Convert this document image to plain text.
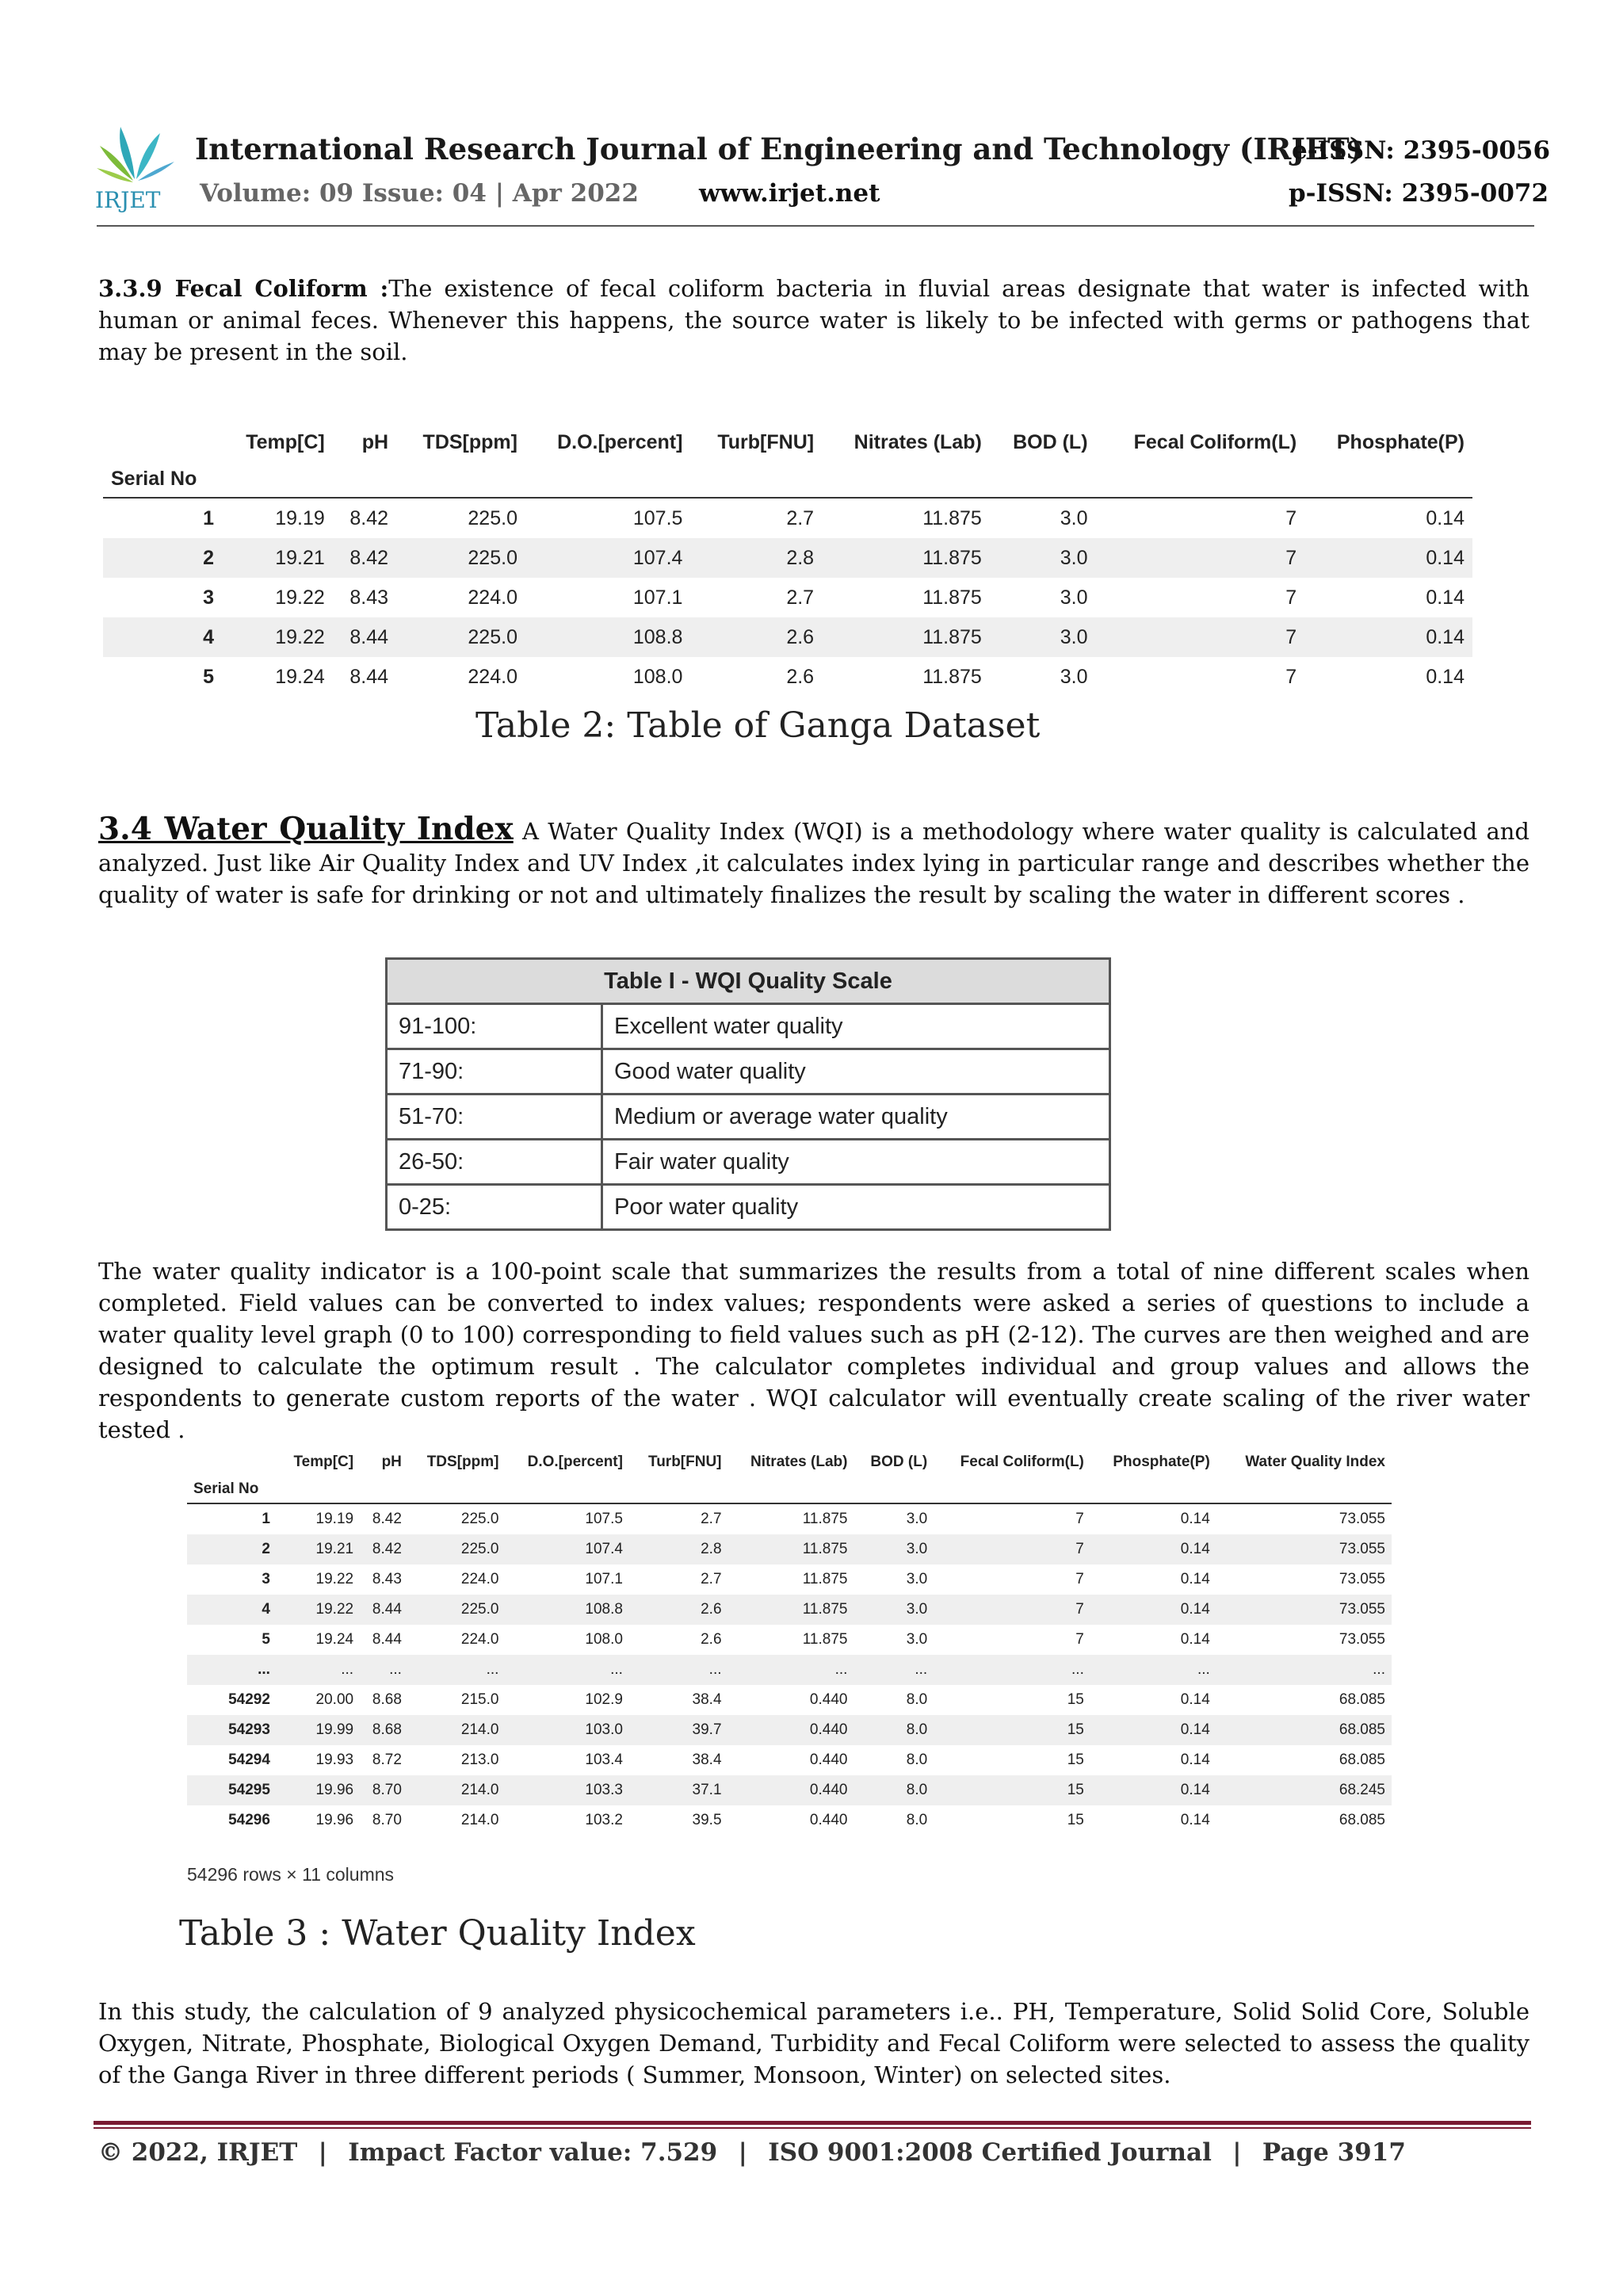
IRJET
International Research Journal of Engineering and Technology (IRJET)
e-ISSN: 2395-0056
Volume: 09 Issue: 04 | Apr 2022 www.irjet.net	p-ISSN: 2395-0072
3.3.9 Fecal Coliform :The existence of fecal coliform bacteria in fluvial areas designate that water is infected with human or animal feces. Whenever this happens, the source water is likely to be infected with germs or pathogens that may be present in the soil.
	Temp[C]	pH	TDS[ppm]	D.O.[percent]	Turb[FNU]	Nitrates (Lab)	BOD (L)	Fecal Coliform(L)	Phosphate(P)
Serial No									
1	19.19	8.42	225.0	107.5	2.7	11.875	3.0	7	0.14
2	19.21	8.42	225.0	107.4	2.8	11.875	3.0	7	0.14
3	19.22	8.43	224.0	107.1	2.7	11.875	3.0	7	0.14
4	19.22	8.44	225.0	108.8	2.6	11.875	3.0	7	0.14
5	19.24	8.44	224.0	108.0	2.6	11.875	3.0	7	0.14
Table 2: Table of Ganga Dataset
3.4 Water Quality Index A Water Quality Index (WQI) is a methodology where water quality is calculated and analyzed. Just like Air Quality Index and UV Index ,it calculates index lying in particular range and describes whether the quality of water is safe for drinking or not and ultimately finalizes the result by scaling the water in different scores .
Table I - WQI Quality Scale	
91-100:	Excellent water quality
71-90:	Good water quality
51-70:	Medium or average water quality
26-50:	Fair water quality
0-25:	Poor water quality
The water quality indicator is a 100-point scale that summarizes the results from a total of nine different scales when completed. Field values can be converted to index values; respondents were asked a series of questions to include a water quality level graph (0 to 100) corresponding to field values such as pH (2-12). The curves are then weighed and are designed to calculate the optimum result . The calculator completes individual and group values and allows the respondents to generate custom reports of the water . WQI calculator will eventually create scaling of the river water tested .
	Temp[C]	pH	TDS[ppm]	D.O.[percent]	Turb[FNU]	Nitrates (Lab)	BOD (L)	Fecal Coliform(L)	Phosphate(P)	Water Quality Index
Serial No										
1	19.19	8.42	225.0	107.5	2.7	11.875	3.0	7	0.14	73.055
2	19.21	8.42	225.0	107.4	2.8	11.875	3.0	7	0.14	73.055
3	19.22	8.43	224.0	107.1	2.7	11.875	3.0	7	0.14	73.055
4	19.22	8.44	225.0	108.8	2.6	11.875	3.0	7	0.14	73.055
5	19.24	8.44	224.0	108.0	2.6	11.875	3.0	7	0.14	73.055
...	...	...	...	...	...	...	...	...	...	...
54292	20.00	8.68	215.0	102.9	38.4	0.440	8.0	15	0.14	68.085
54293	19.99	8.68	214.0	103.0	39.7	0.440	8.0	15	0.14	68.085
54294	19.93	8.72	213.0	103.4	38.4	0.440	8.0	15	0.14	68.085
54295	19.96	8.70	214.0	103.3	37.1	0.440	8.0	15	0.14	68.245
54296	19.96	8.70	214.0	103.2	39.5	0.440	8.0	15	0.14	68.085
54296 rows × 11 columns
Table 3 : Water Quality Index
In this study, the calculation of 9 analyzed physicochemical parameters i.e.. PH, Temperature, Solid Solid Core, Soluble Oxygen, Nitrate, Phosphate, Biological Oxygen Demand, Turbidity and Fecal Coliform were selected to assess the quality of the Ganga River in three different periods ( Summer, Monsoon, Winter) on selected sites.
© 2022, IRJET | Impact Factor value: 7.529 | ISO 9001:2008 Certified Journal | Page 3917
